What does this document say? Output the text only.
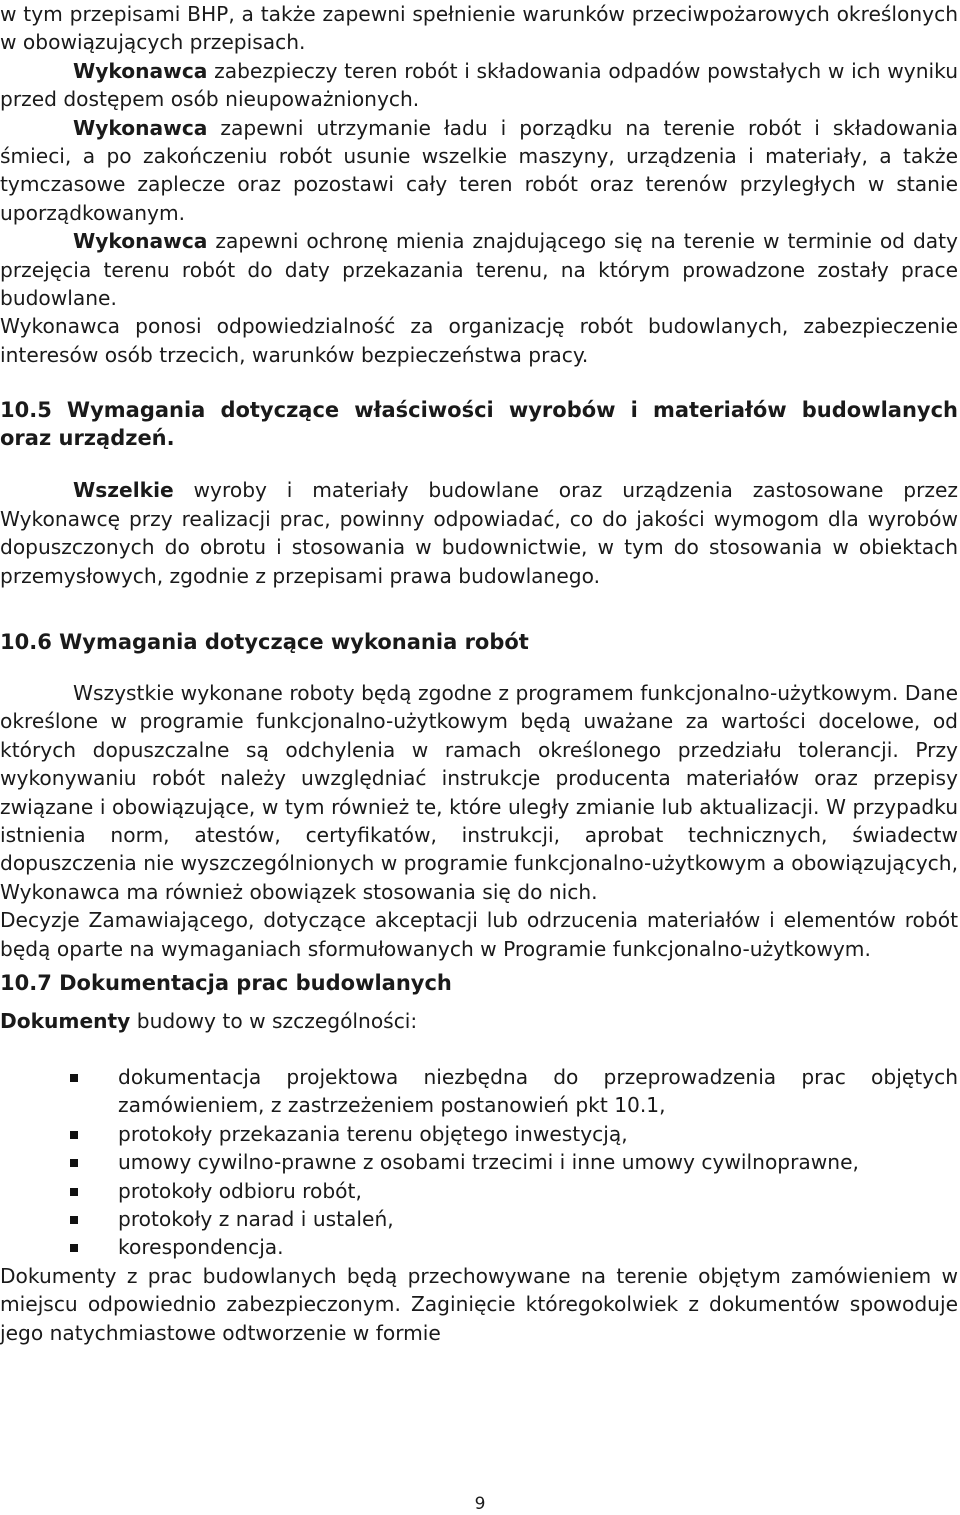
w tym przepisami BHP, a także zapewni spełnienie warunków przeciwpożarowych określonych w obowiązujących przepisach.

Wykonawca zabezpieczy teren robót i składowania odpadów powstałych w ich wyniku przed dostępem osób nieupoważnionych.

Wykonawca zapewni utrzymanie ładu i porządku na terenie robót i składowania śmieci, a po zakończeniu robót usunie wszelkie maszyny, urządzenia i materiały, a także tymczasowe zaplecze oraz pozostawi cały teren robót oraz terenów przyległych w stanie uporządkowanym.

Wykonawca zapewni ochronę mienia znajdującego się na terenie w terminie od daty przejęcia terenu robót do daty przekazania terenu, na którym prowadzone zostały prace budowlane.

Wykonawca ponosi odpowiedzialność za organizację robót budowlanych, zabezpieczenie interesów osób trzecich, warunków bezpieczeństwa pracy.

10.5 Wymagania dotyczące właściwości wyrobów i materiałów budowlanych oraz urządzeń.

Wszelkie wyroby i materiały budowlane oraz urządzenia zastosowane przez Wykonawcę przy realizacji prac, powinny odpowiadać, co do jakości wymogom dla wyrobów dopuszczonych do obrotu i stosowania w budownictwie, w tym do stosowania w obiektach przemysłowych, zgodnie z przepisami prawa budowlanego.

10.6 Wymagania dotyczące wykonania robót

Wszystkie wykonane roboty będą zgodne z programem funkcjonalno-użytkowym. Dane określone w programie funkcjonalno-użytkowym będą uważane za wartości docelowe, od których dopuszczalne są odchylenia w ramach określonego przedziału tolerancji. Przy wykonywaniu robót należy uwzględniać instrukcje producenta materiałów oraz przepisy związane i obowiązujące, w tym również te, które uległy zmianie lub aktualizacji. W przypadku istnienia norm, atestów, certyfikatów, instrukcji, aprobat technicznych, świadectw dopuszczenia nie wyszczególnionych w programie funkcjonalno-użytkowym a obowiązujących, Wykonawca ma również obowiązek stosowania się do nich.

Decyzje Zamawiającego, dotyczące akceptacji lub odrzucenia materiałów i elementów robót będą oparte na wymaganiach sformułowanych w Programie funkcjonalno-użytkowym.

10.7 Dokumentacja prac budowlanych

Dokumenty budowy to w szczególności:

dokumentacja projektowa niezbędna do przeprowadzenia prac objętych zamówieniem, z zastrzeżeniem postanowień pkt 10.1,
protokoły przekazania terenu objętego inwestycją,
umowy cywilno-prawne z osobami trzecimi i inne umowy cywilnoprawne,
protokoły odbioru robót,
protokoły z narad i ustaleń,
korespondencja.

Dokumenty z prac budowlanych będą przechowywane na terenie objętym zamówieniem w miejscu odpowiednio zabezpieczonym. Zaginięcie któregokolwiek z dokumentów spowoduje jego natychmiastowe odtworzenie w formie

9
